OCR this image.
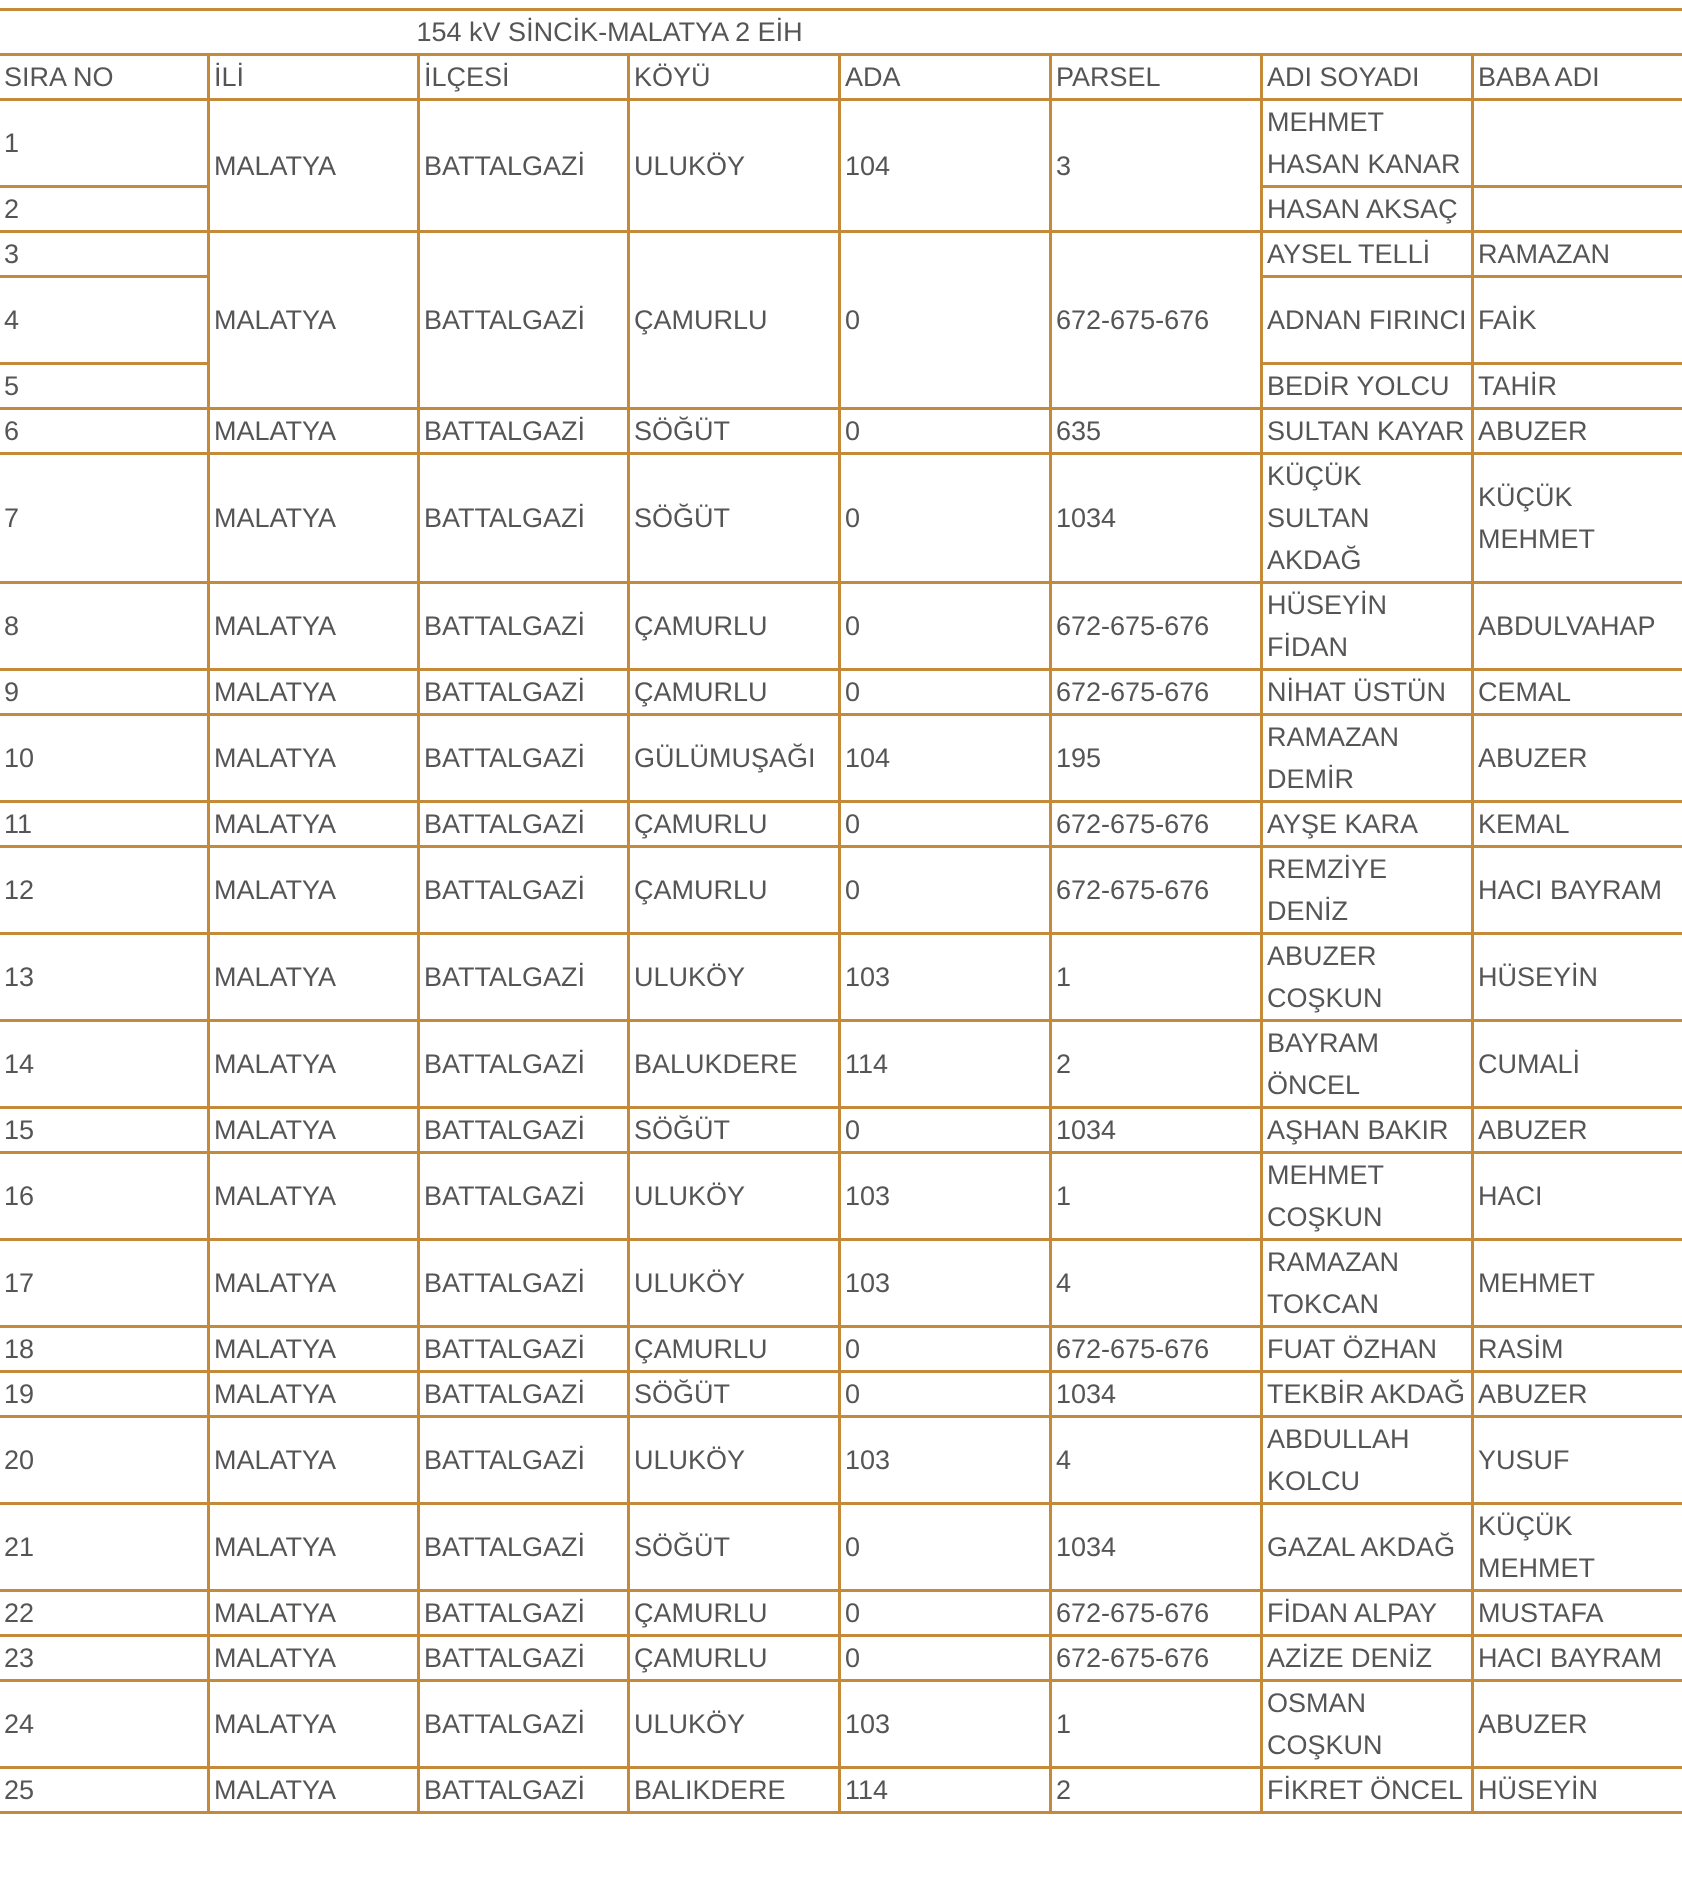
154 kV SİNCİK-MALATYA 2 EİH							
SIRA NO	İLİ	İLÇESİ	KÖYÜ	ADA	PARSEL	ADI SOYADI	BABA ADI
1	MALATYA	BATTALGAZİ	ULUKÖY	104	3	MEHMET HASAN KANAR	
2						HASAN AKSAÇ	
3	MALATYA	BATTALGAZİ	ÇAMURLU	0	672-675-676	AYSEL TELLİ	RAMAZAN
4						ADNAN FIRINCI	FAİK
5						BEDİR YOLCU	TAHİR
6	MALATYA	BATTALGAZİ	SÖĞÜT	0	635	SULTAN KAYAR	ABUZER
7	MALATYA	BATTALGAZİ	SÖĞÜT	0	1034	KÜÇÜK SULTAN AKDAĞ	KÜÇÜK MEHMET
8	MALATYA	BATTALGAZİ	ÇAMURLU	0	672-675-676	HÜSEYİN FİDAN	ABDULVAHAP
9	MALATYA	BATTALGAZİ	ÇAMURLU	0	672-675-676	NİHAT ÜSTÜN	CEMAL
10	MALATYA	BATTALGAZİ	GÜLÜMUŞAĞI	104	195	RAMAZAN DEMİR	ABUZER
11	MALATYA	BATTALGAZİ	ÇAMURLU	0	672-675-676	AYŞE KARA	KEMAL
12	MALATYA	BATTALGAZİ	ÇAMURLU	0	672-675-676	REMZİYE DENİZ	HACI BAYRAM
13	MALATYA	BATTALGAZİ	ULUKÖY	103	1	ABUZER COŞKUN	HÜSEYİN
14	MALATYA	BATTALGAZİ	BALUKDERE	114	2	BAYRAM ÖNCEL	CUMALİ
15	MALATYA	BATTALGAZİ	SÖĞÜT	0	1034	AŞHAN BAKIR	ABUZER
16	MALATYA	BATTALGAZİ	ULUKÖY	103	1	MEHMET COŞKUN	HACI
17	MALATYA	BATTALGAZİ	ULUKÖY	103	4	RAMAZAN TOKCAN	MEHMET
18	MALATYA	BATTALGAZİ	ÇAMURLU	0	672-675-676	FUAT ÖZHAN	RASİM
19	MALATYA	BATTALGAZİ	SÖĞÜT	0	1034	TEKBİR AKDAĞ	ABUZER
20	MALATYA	BATTALGAZİ	ULUKÖY	103	4	ABDULLAH KOLCU	YUSUF
21	MALATYA	BATTALGAZİ	SÖĞÜT	0	1034	GAZAL AKDAĞ	KÜÇÜK MEHMET
22	MALATYA	BATTALGAZİ	ÇAMURLU	0	672-675-676	FİDAN ALPAY	MUSTAFA
23	MALATYA	BATTALGAZİ	ÇAMURLU	0	672-675-676	AZİZE DENİZ	HACI BAYRAM
24	MALATYA	BATTALGAZİ	ULUKÖY	103	1	OSMAN COŞKUN	ABUZER
25	MALATYA	BATTALGAZİ	BALIKDERE	114	2	FİKRET ÖNCEL	HÜSEYİN
